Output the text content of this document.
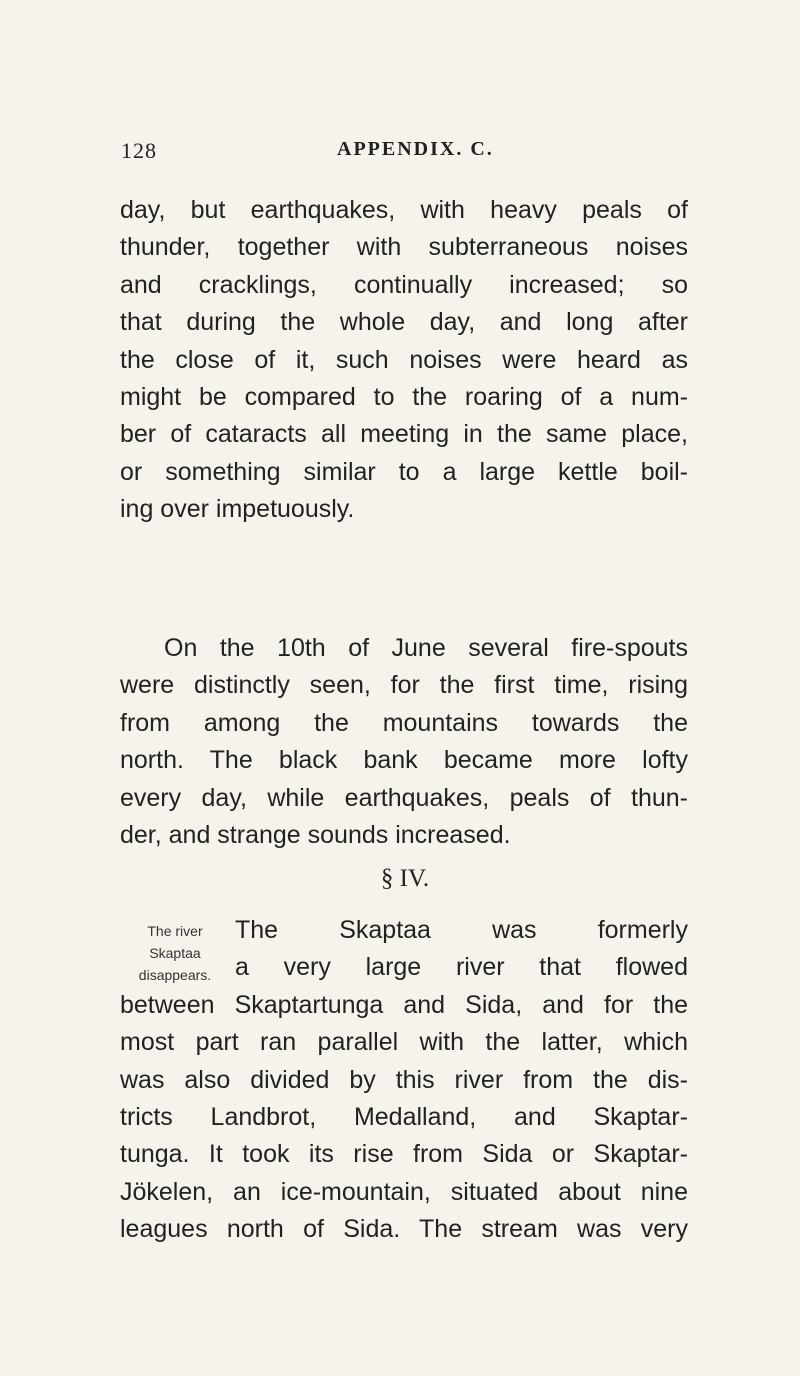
128	APPENDIX. C.
day, but earthquakes, with heavy peals of
thunder, together with subterraneous noises
and cracklings, continually increased; so
that during the whole day, and long after
the close of it, such noises were heard as
might be compared to the roaring of a num-
ber of cataracts all meeting in the same place,
or something similar to a large kettle boil-
ing over impetuously.
On the 10th of June several fire-spouts
were distinctly seen, for the first time, rising
from among the mountains towards the
north. The black bank became more lofty
every day, while earthquakes, peals of thun-
der, and strange sounds increased.
§ IV.
The river Skaptaa
disappears.
The Skaptaa was formerly
a very large river that flowed
between Skaptartunga and Sida, and for the
most part ran parallel with the latter, which
was also divided by this river from the dis-
tricts Landbrot, Medalland, and Skaptar-
tunga. It took its rise from Sida or Skaptar-
Jökelen, an ice-mountain, situated about nine
leagues north of Sida. The stream was very
